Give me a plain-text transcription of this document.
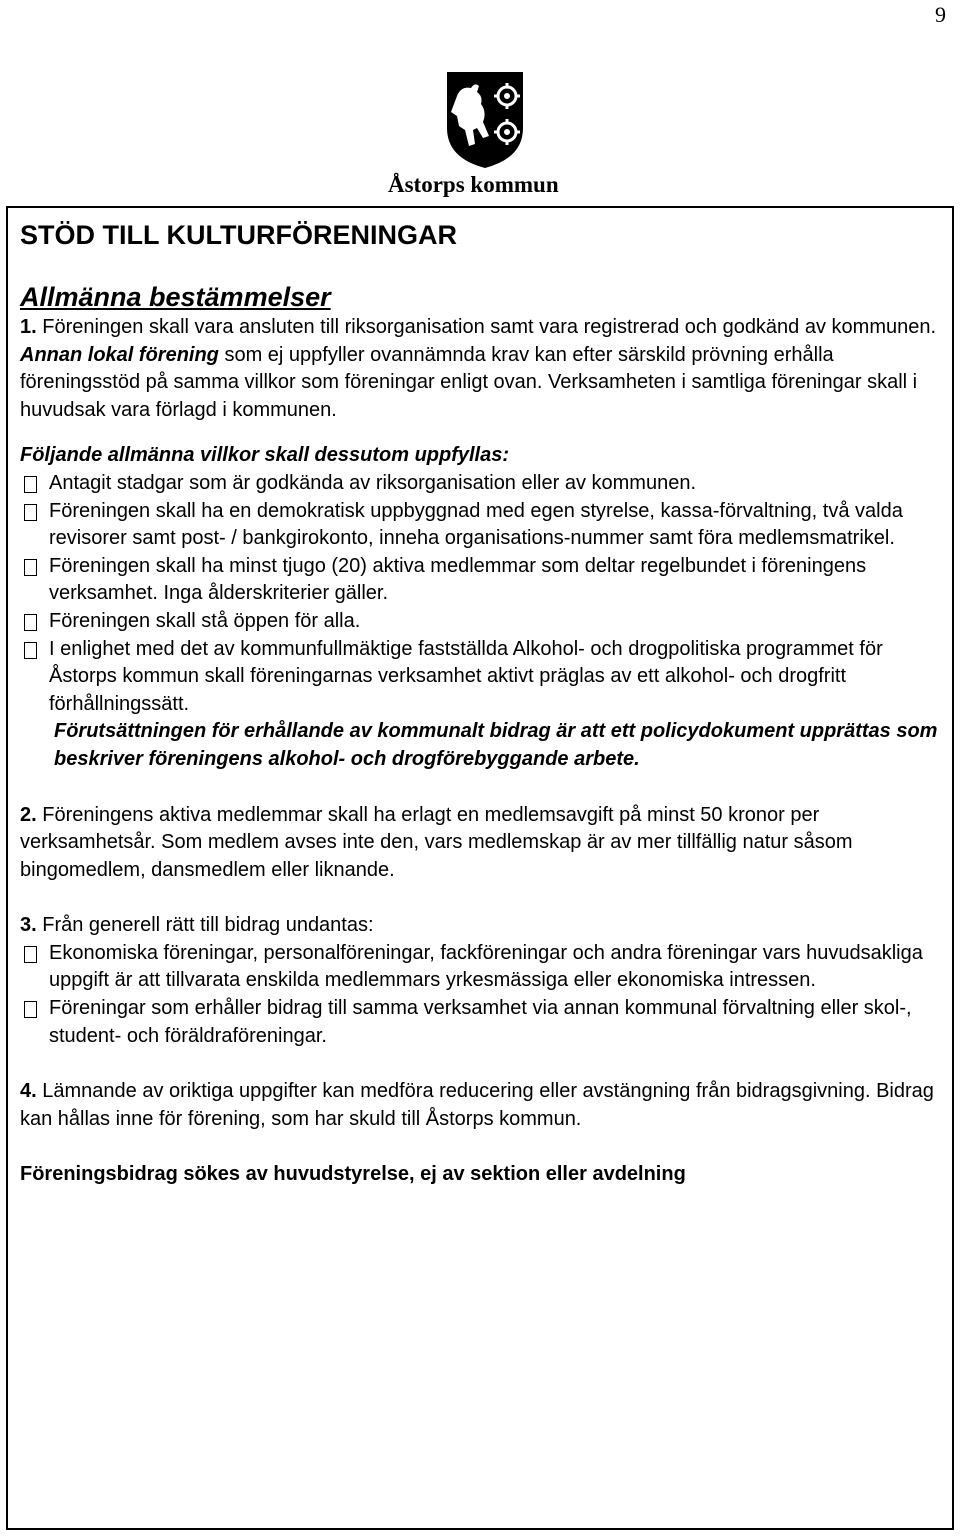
9
Åstorps kommun
STÖD TILL KULTURFÖRENINGAR
Allmänna bestämmelser

1. Föreningen skall vara ansluten till riksorganisation samt vara registrerad och godkänd av kommunen. Annan lokal förening som ej uppfyller ovannämnda krav kan efter särskild prövning erhålla föreningsstöd på samma villkor som föreningar enligt ovan. Verksamheten i samtliga föreningar skall i huvudsak vara förlagd i kommunen.

Följande allmänna villkor skall dessutom uppfyllas:

Antagit stadgar som är godkända av riksorganisation eller av kommunen.
Föreningen skall ha en demokratisk uppbyggnad med egen styrelse, kassa-förvaltning, två valda revisorer samt post- / bankgirokonto, inneha organisations-nummer samt föra medlemsmatrikel.
Föreningen skall ha minst tjugo (20) aktiva medlemmar som deltar regelbundet i föreningens verksamhet. Inga ålderskriterier gäller.
Föreningen skall stå öppen för alla.
I enlighet med det av kommunfullmäktige fastställda Alkohol- och drogpolitiska programmet för Åstorps kommun skall föreningarnas verksamhet aktivt präglas av ett alkohol- och drogfritt förhållningssätt.

Förutsättningen för erhållande av kommunalt bidrag är att ett policydokument upprättas som beskriver föreningens alkohol- och drogförebyggande arbete.

2. Föreningens aktiva medlemmar skall ha erlagt en medlemsavgift på minst 50 kronor per verksamhetsår. Som medlem avses inte den, vars medlemskap är av mer tillfällig natur såsom bingomedlem, dansmedlem eller liknande.

3. Från generell rätt till bidrag undantas:

Ekonomiska föreningar, personalföreningar, fackföreningar och andra föreningar vars huvudsakliga uppgift är att tillvarata enskilda medlemmars yrkesmässiga eller ekonomiska intressen.
Föreningar som erhåller bidrag till samma verksamhet via annan kommunal förvaltning eller skol-, student- och föräldraföreningar.

4. Lämnande av oriktiga uppgifter kan medföra reducering eller avstängning från bidragsgivning. Bidrag kan hållas inne för förening, som har skuld till Åstorps kommun.

Föreningsbidrag sökes av huvudstyrelse, ej av sektion eller avdelning
